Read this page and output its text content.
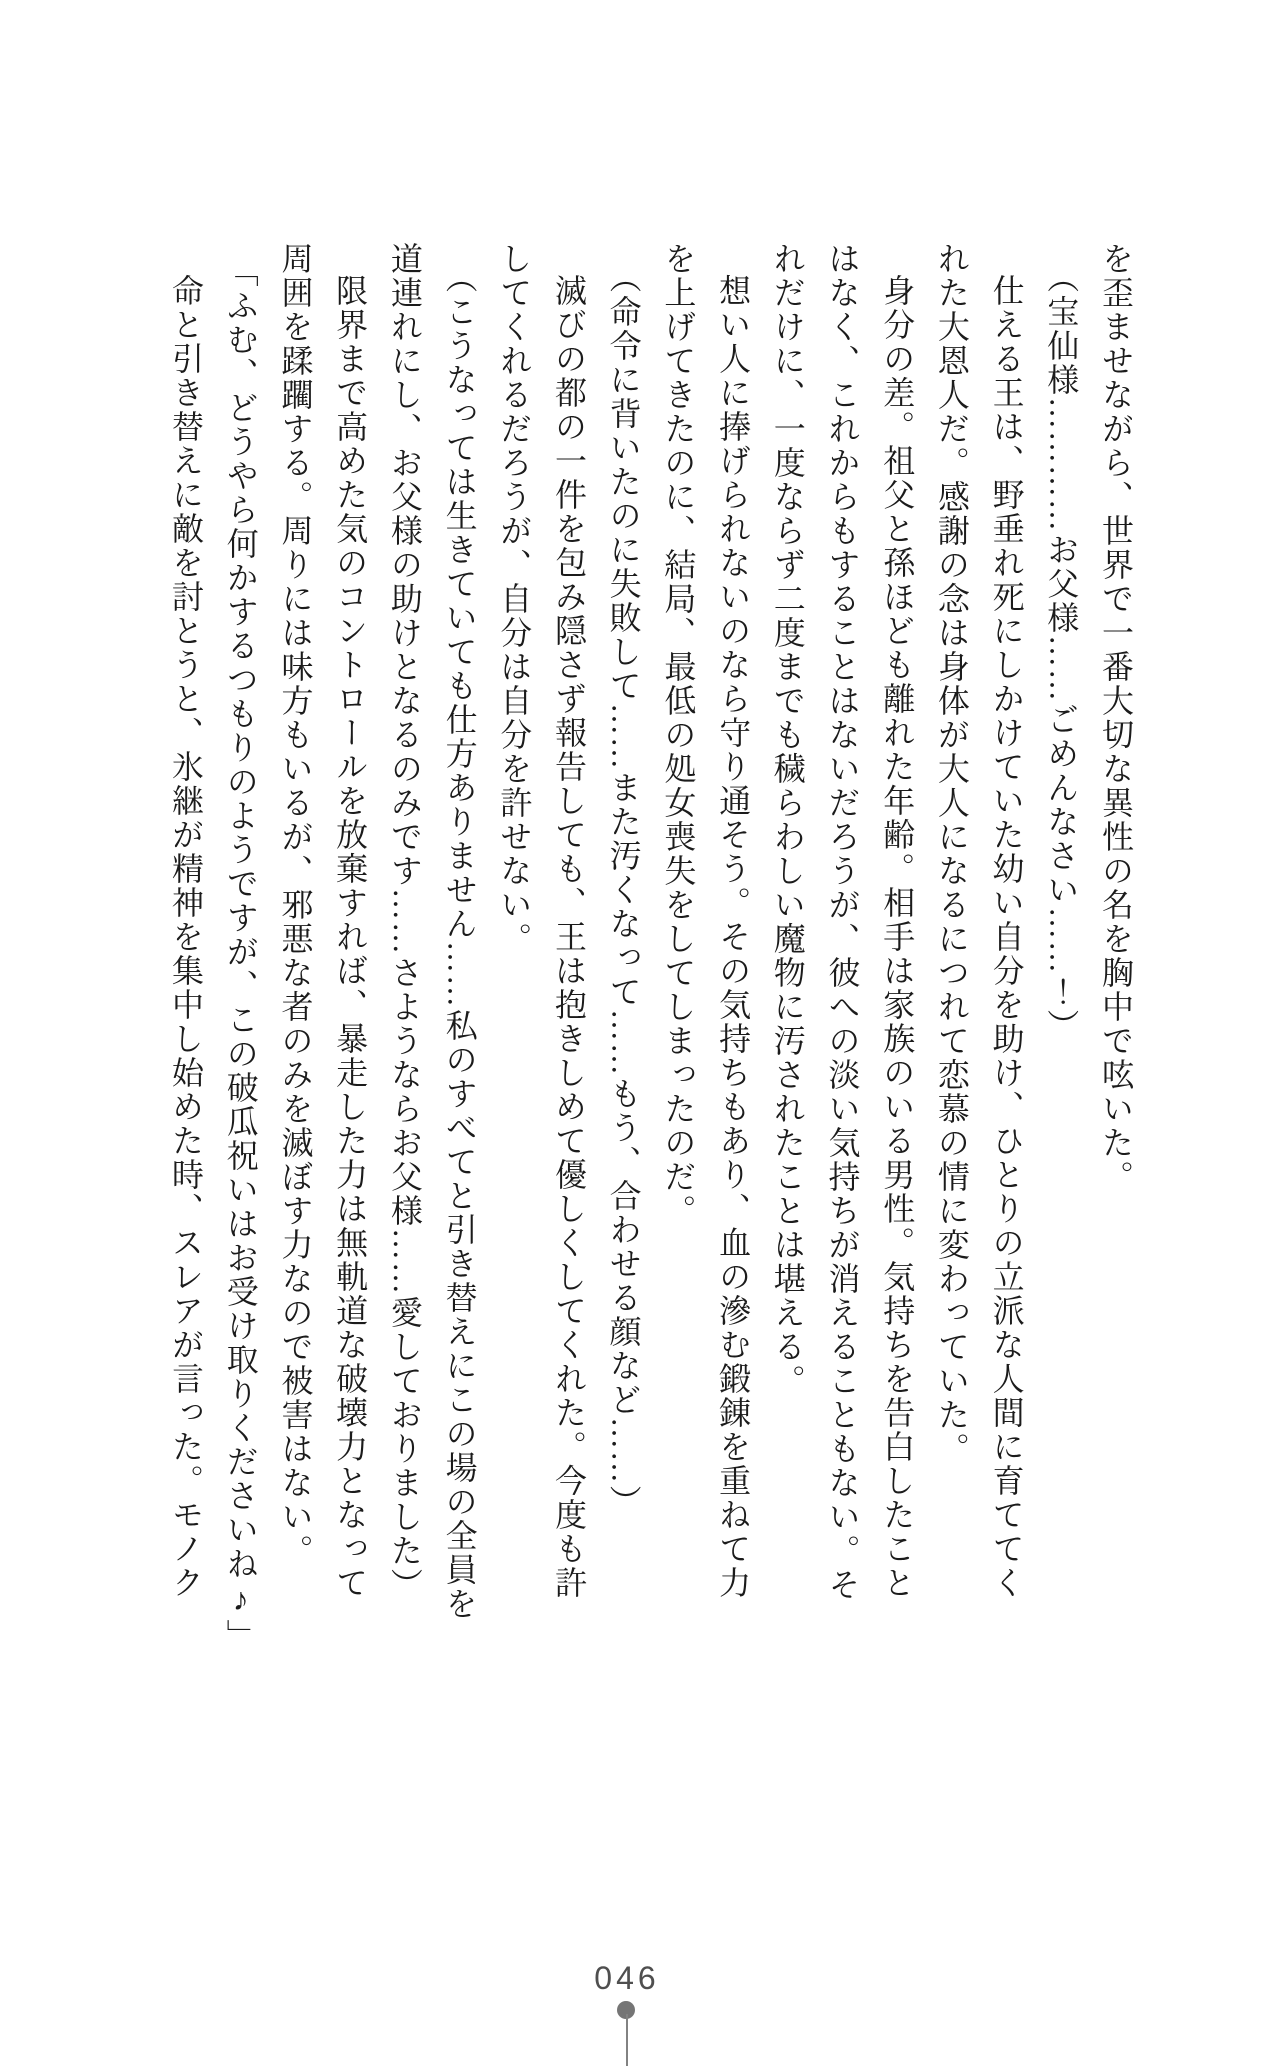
を歪ませながら、世界で一番大切な異性の名を胸中で呟いた。

（宝仙様…………お父様……ごめんなさい……！）

仕える王は、野垂れ死にしかけていた幼い自分を助け、ひとりの立派な人間に育ててく

れた大恩人だ。感謝の念は身体が大人になるにつれて恋慕の情に変わっていた。

身分の差。祖父と孫ほども離れた年齢。相手は家族のいる男性。気持ちを告白したこと

はなく、これからもすることはないだろうが、彼への淡い気持ちが消えることもない。そ

れだけに、一度ならず二度までも穢らわしい魔物に汚されたことは堪える。

想い人に捧げられないのなら守り通そう。その気持ちもあり、血の滲む鍛錬を重ねて力

を上げてきたのに、結局、最低の処女喪失をしてしまったのだ。

（命令に背いたのに失敗して……また汚くなって……もう、合わせる顔など……）

滅びの都の一件を包み隠さず報告しても、王は抱きしめて優しくしてくれた。今度も許

してくれるだろうが、自分は自分を許せない。

（こうなっては生きていても仕方ありません……私のすべてと引き替えにこの場の全員を

道連れにし、お父様の助けとなるのみです……さようならお父様……愛しておりました）

限界まで高めた気のコントロールを放棄すれば、暴走した力は無軌道な破壊力となって

周囲を蹂躙する。周りには味方もいるが、邪悪な者のみを滅ぼす力なので被害はない。

「ふむ、どうやら何かするつもりのようですが、この破瓜祝いはお受け取りくださいね♪」

命と引き替えに敵を討とうと、氷継が精神を集中し始めた時、スレアが言った。モノク

046
